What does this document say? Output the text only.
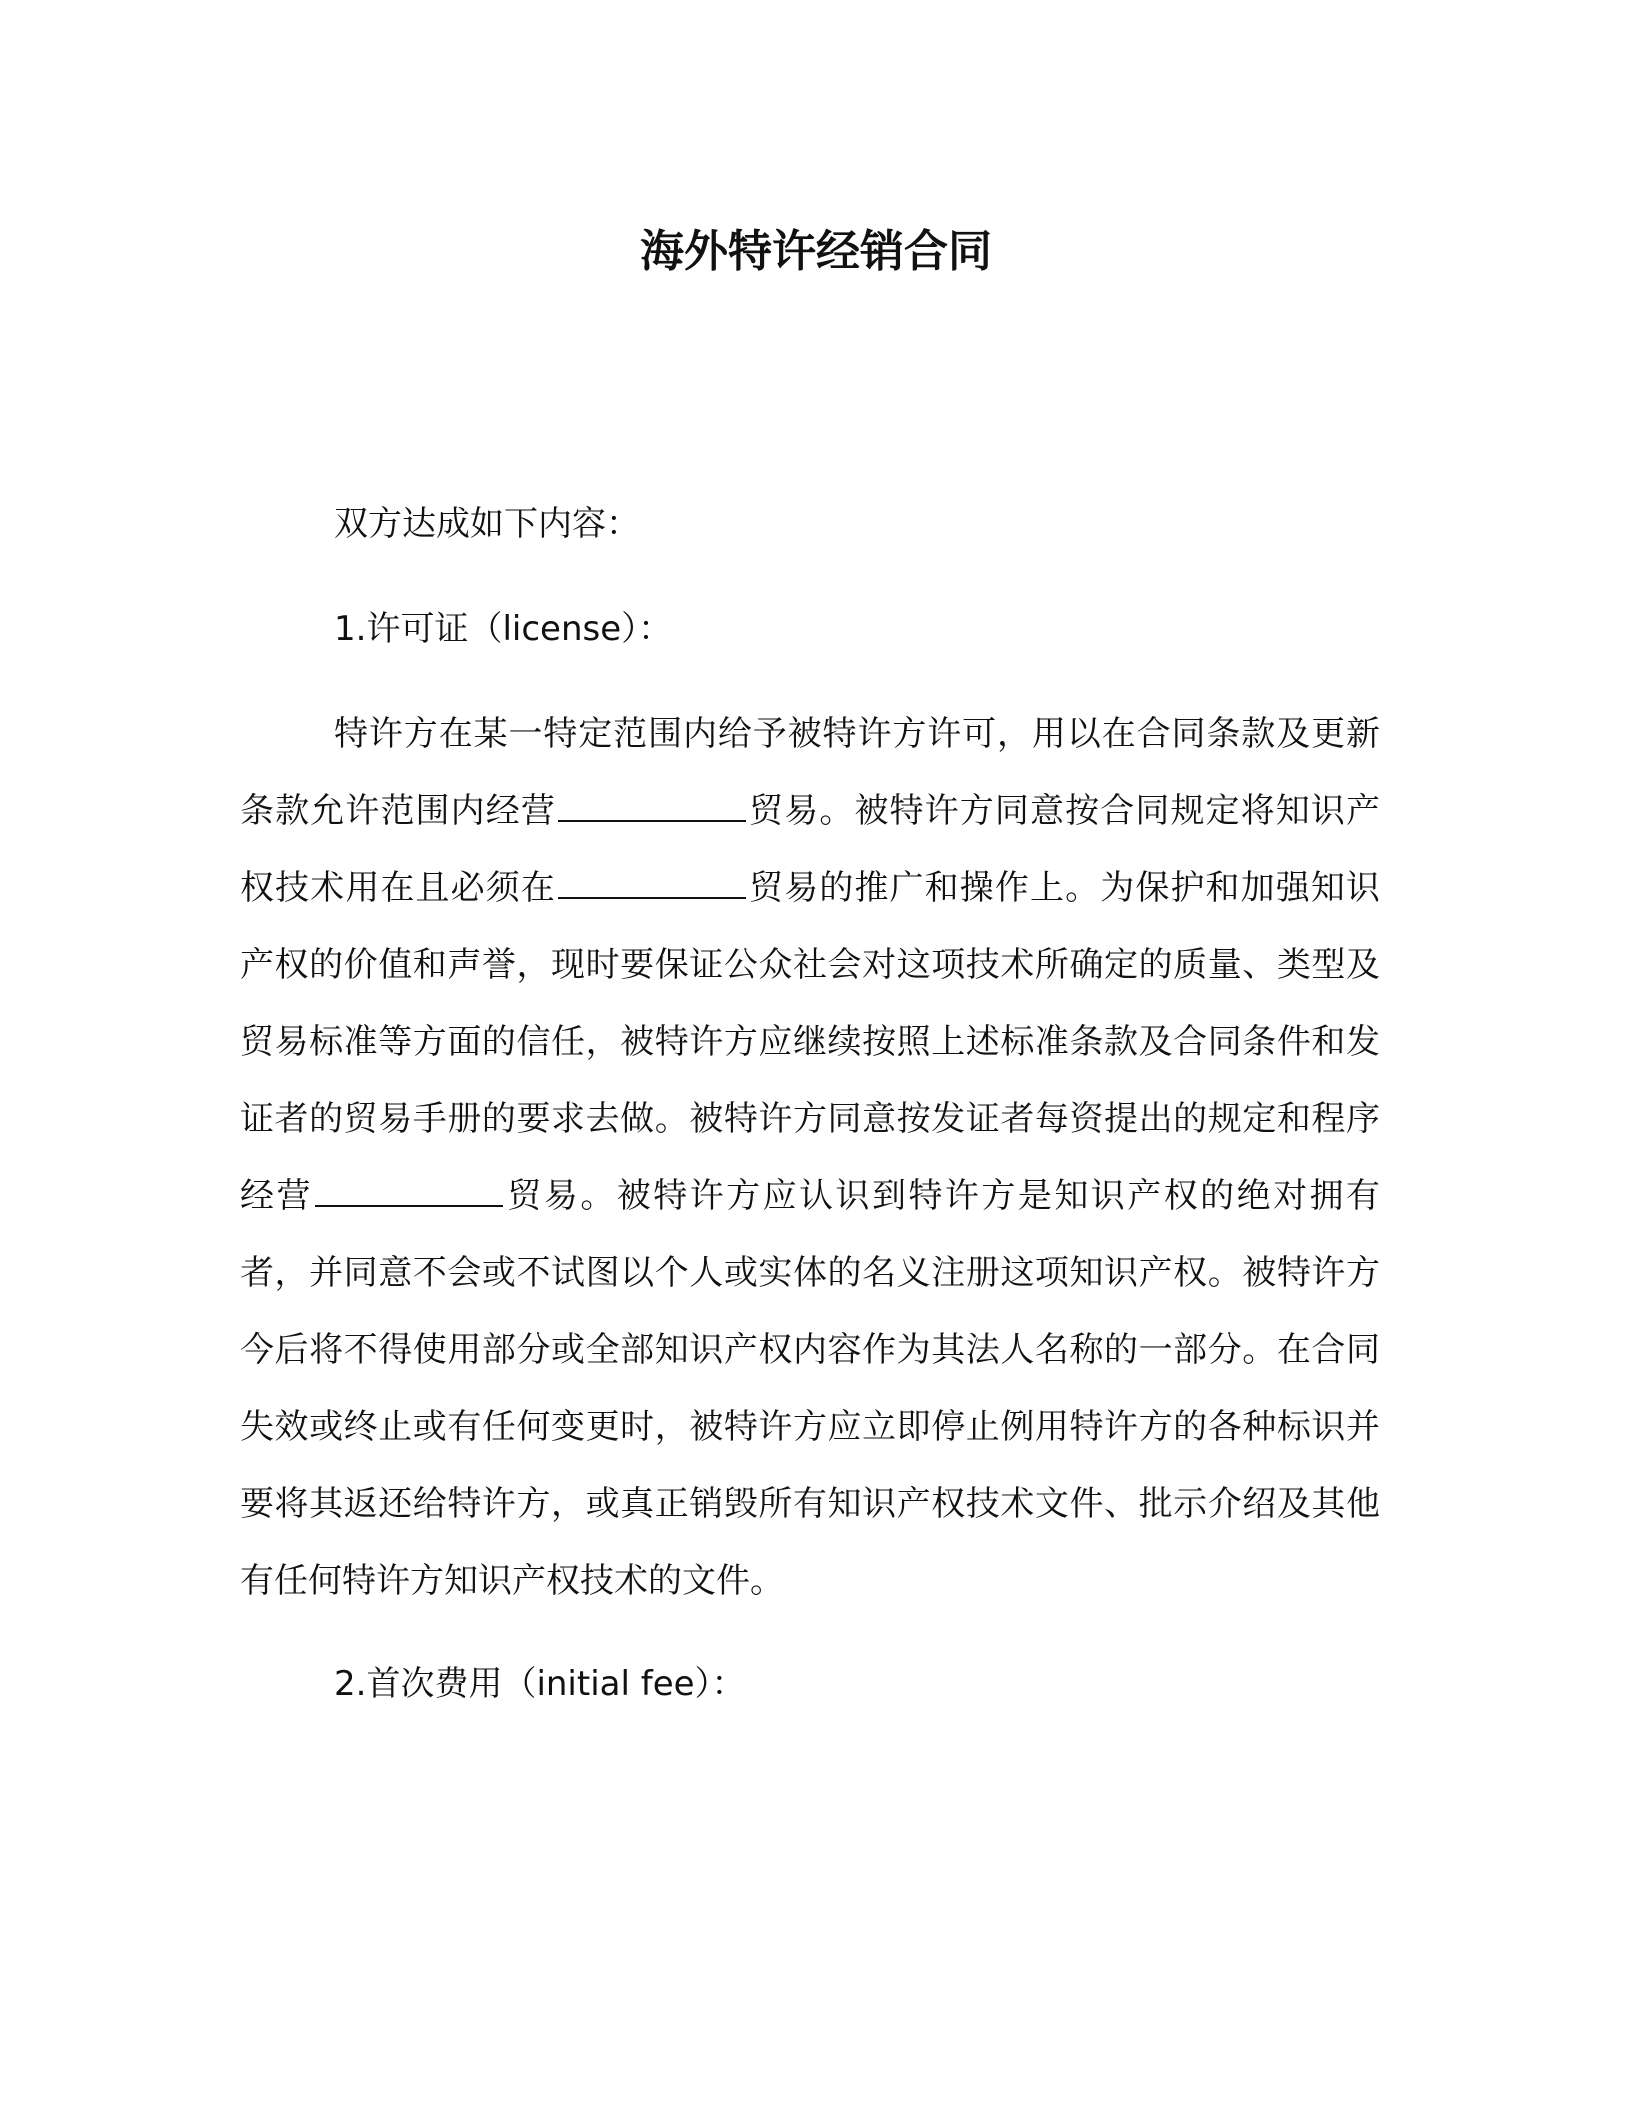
海外特许经销合同

双方达成如下内容：

1.许可证（license）：

特许方在某一特定范围内给予被特许方许可，用以在合同条款及更新条款允许范围内经营	贸易。被特许方同意按合同规定将知识产权技术用在且必须在	贸易的推广和操作上。为保护和加强知识产权的价值和声誉，现时要保证公众社会对这项技术所确定的质量、类型及贸易标准等方面的信任，被特许方应继续按照上述标准条款及合同条件和发证者的贸易手册的要求去做。被特许方同意按发证者每资提出的规定和程序经营	贸易。被特许方应认识到特许方是知识产权的绝对拥有者，并同意不会或不试图以个人或实体的名义注册这项知识产权。被特许方今后将不得使用部分或全部知识产权内容作为其法人名称的一部分。在合同失效或终止或有任何变更时，被特许方应立即停止例用特许方的各种标识并要将其返还给特许方，或真正销毁所有知识产权技术文件、批示介绍及其他有任何特许方知识产权技术的文件。

2.首次费用（initial fee）：
